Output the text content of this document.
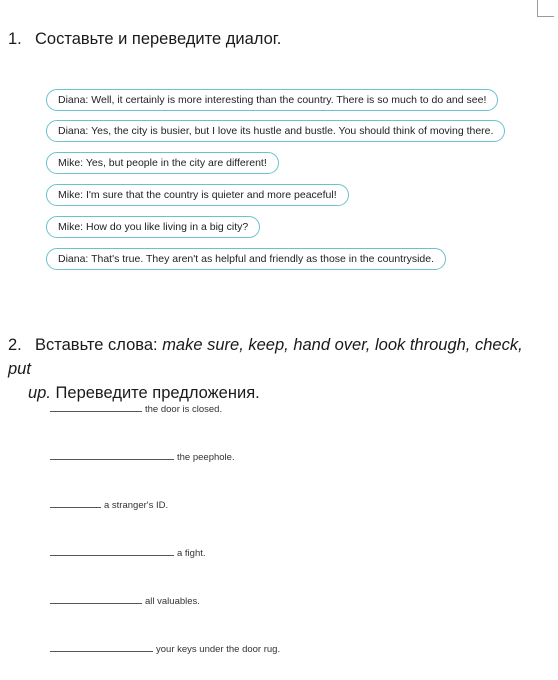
1. Составьте и переведите диалог.
Diana: Well, it certainly is more interesting than the country. There is so much to do and see!
Diana: Yes, the city is busier, but I love its hustle and bustle. You should think of moving there.
Mike: Yes, but people in the city are different!
Mike: I'm sure that the country is quieter and more peaceful!
Mike: How do you like living in a big city?
Diana: That's true. They aren't as helpful and friendly as those in the countryside.
2. Вставьте слова: make sure, keep, hand over, look through, check, put
up. Переведите предложения.
the door is closed.
the peephole.
a stranger's ID.
a fight.
all valuables.
your keys under the door rug.
